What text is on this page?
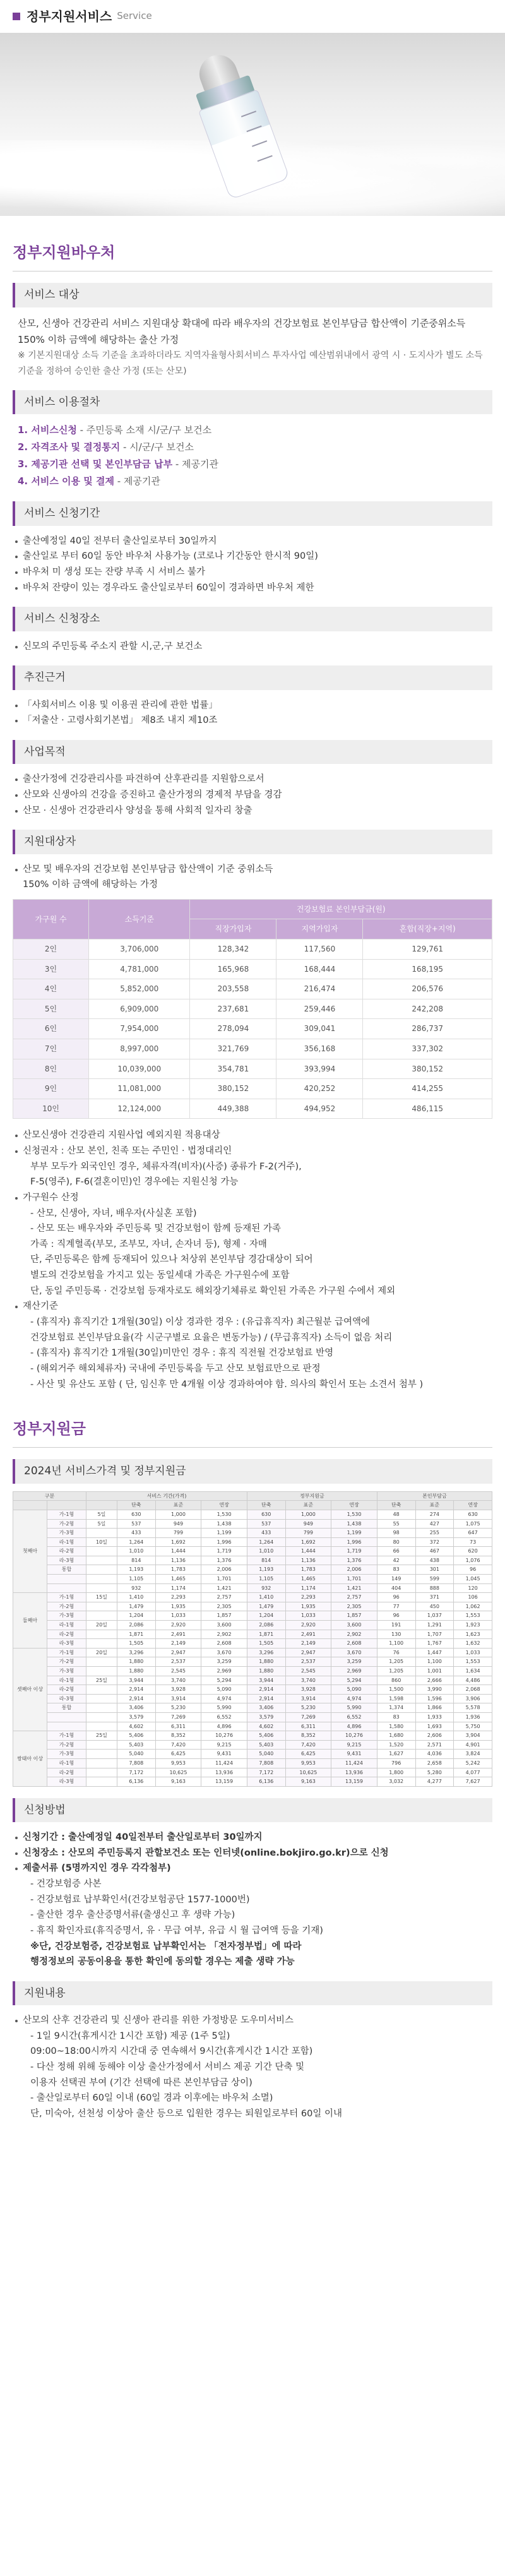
정부지원서비스 Service
정부지원바우처
서비스 대상
산모, 신생아 건강관리 서비스 지원대상 확대에 따라 배우자의 건강보험료 본인부담금 합산액이 기준중위소득 150% 이하 금액에 해당하는 출산 가정
※ 기본지원대상 소득 기준을 초과하더라도 지역자율형사회서비스 투자사업 예산범위내에서 광역 시 · 도지사가 별도 소득기준을 정하여 승인한 출산 가정 (또는 산모)
서비스 이용절차
1. 서비스신청 - 주민등록 소재 시/군/구 보건소
2. 자격조사 및 결정통지 - 시/군/구 보건소
3. 제공기관 선택 및 본인부담금 납부 - 제공기관
4. 서비스 이용 및 결제 - 제공기관
서비스 신청기간
출산예정일 40일 전부터 출산일로부터 30일까지
출산일로 부터 60일 동안 바우처 사용가능 (코로나 기간동안 한시적 90일)
바우처 미 생성 또는 잔량 부족 시 서비스 불가
바우처 잔량이 있는 경우라도 출산일로부터 60일이 경과하면 바우처 제한
서비스 신청장소
신모의 주민등록 주소지 관할 시,군,구 보건소
추진근거
「사회서비스 이용 및 이용권 관리에 관한 법률」
「저출산 · 고령사회기본법」 제8조 내지 제10조
사업목적
출산가정에 건강관리사를 파견하여 산후관리를 지원함으로서
산모와 신생아의 건강을 증진하고 출산가정의 경제적 부담을 경감
산모 · 신생아 건강관리사 양성을 통해 사회적 일자리 창출
지원대상자
산모 및 배우자의 건강보험 본인부담금 합산액이 기준 중위소득
150% 이하 금액에 해당하는 가정
가구원 수	소득기준	건강보험료 본인부담금(원)		
		직장가입자	지역가입자	혼합(직장+지역)
2인	3,706,000	128,342	117,560	129,761
3인	4,781,000	165,968	168,444	168,195
4인	5,852,000	203,558	216,474	206,576
5인	6,909,000	237,681	259,446	242,208
6인	7,954,000	278,094	309,041	286,737
7인	8,997,000	321,769	356,168	337,302
8인	10,039,000	354,781	393,994	380,152
9인	11,081,000	380,152	420,252	414,255
10인	12,124,000	449,388	494,952	486,115
산모신생아 건강관리 지원사업 예외지원 적용대상
신청권자 : 산모 본인, 친족 또는 주민인 · 법정대리인
부부 모두가 외국인인 경우, 체류자격(비자)(사증) 종류가 F-2(거주),
F-5(영주), F-6(결혼이민)인 경우에는 지원신청 가능
가구원수 산정
- 산모, 신생아, 자녀, 배우자(사실혼 포함)
- 산모 또는 배우자와 주민등록 및 건강보험이 함께 등재된 가족
가족 : 직계혈족(부모, 조부모, 자녀, 손자녀 등), 형제 · 자매
단, 주민등록은 함께 등재되어 있으나 처상위 본인부담 경감대상이 되어
별도의 건강보험을 가지고 있는 동일세대 가족은 가구원수에 포함
단, 동일 주민등록 · 건강보험 등재자로도 해외장기체류로 확인된 가족은 가구원 수에서 제외
재산기준
- (휴직자) 휴직기간 1개월(30일) 이상 경과한 경우 : (유급휴직자) 최근월분 급여액에
건강보험료 본인부담요율(각 시군구별로 요율은 변동가능) / (무급휴직자) 소득이 없음 처리
- (휴직자) 휴직기간 1개월(30일)미만인 경우 : 휴직 직전월 건강보험료 반영
- (해외거주 해외체류자) 국내에 주민등록을 두고 산모 보험료만으로 판정
- 사산 및 유산도 포함 ( 단, 임신후 만 4개월 이상 경과하여야 함. 의사의 확인서 또는 소견서 첨부 )
정부지원금
2024년 서비스가격 및 정부지원금
구분		서비스 기간(가격)				정부지원금			본인부담금		
			단축	표준	연장	단축	표준	연장	단축	표준	연장
첫째아	가-1형	5일	630	1,000	1,530	630	1,000	1,530	48	274	630
	가-2형	5일	537	949	1,438	537	949	1,438	55	427	1,075
	가-3형		433	799	1,199	433	799	1,199	98	255	647
	라-1형	10일	1,264	1,692	1,996	1,264	1,692	1,996	80	372	73
	라-2형		1,010	1,444	1,719	1,010	1,444	1,719	66	467	620
	라-3형		814	1,136	1,376	814	1,136	1,376	42	438	1,076
	통합		1,193	1,783	2,006	1,193	1,783	2,006	83	301	96
			1,105	1,465	1,701	1,105	1,465	1,701	149	599	1,045
			932	1,174	1,421	932	1,174	1,421	404	888	120
둘째아	가-1형	15일	1,410	2,293	2,757	1,410	2,293	2,757	96	371	106
	가-2형		1,479	1,935	2,305	1,479	1,935	2,305	77	450	1,062
	가-3형		1,204	1,033	1,857	1,204	1,033	1,857	96	1,037	1,553
	라-1형	20일	2,086	2,920	3,600	2,086	2,920	3,600	191	1,291	1,923
	라-2형		1,871	2,491	2,902	1,871	2,491	2,902	130	1,707	1,623
	라-3형		1,505	2,149	2,608	1,505	2,149	2,608	1,100	1,767	1,632
셋째아 이상	가-1형	20일	3,296	2,947	3,670	3,296	2,947	3,670	76	1,447	1,033
	가-2형		1,880	2,537	3,259	1,880	2,537	3,259	1,205	1,100	1,553
	가-3형		1,880	2,545	2,969	1,880	2,545	2,969	1,205	1,001	1,634
	라-1형	25일	3,944	3,740	5,294	3,944	3,740	5,294	860	2,666	4,486
	라-2형		2,914	3,928	5,090	2,914	3,928	5,090	1,500	3,990	2,068
	라-3형		2,914	3,914	4,974	2,914	3,914	4,974	1,598	1,596	3,906
	통합		3,406	5,230	5,990	3,406	5,230	5,990	1,374	1,866	5,578
			3,579	7,269	6,552	3,579	7,269	6,552	83	1,933	1,936
			4,602	6,311	4,896	4,602	6,311	4,896	1,580	1,693	5,750
쌍태아 이상	가-1형	25일	5,406	8,352	10,276	5,406	8,352	10,276	1,680	2,606	3,904
	가-2형		5,403	7,420	9,215	5,403	7,420	9,215	1,520	2,571	4,901
	가-3형		5,040	6,425	9,431	5,040	6,425	9,431	1,627	4,036	3,824
	라-1형		7,808	9,953	11,424	7,808	9,953	11,424	796	2,658	5,242
	라-2형		7,172	10,625	13,936	7,172	10,625	13,936	1,800	5,280	4,077
	라-3형		6,136	9,163	13,159	6,136	9,163	13,159	3,032	4,277	7,627
신청방법
신청기간 : 출산예정일 40일전부터 출산일로부터 30일까지
신청장소 : 산모의 주민등록지 관할보건소 또는 인터넷(online.bokjiro.go.kr)으로 신청
제출서류 (5명까지인 경우 각각첨부)
- 건강보험증 사본
- 건강보험료 납부확인서(건강보험공단 1577-1000번)
- 출산한 경우 출산증명서류(출생신고 후 생략 가능)
- 휴직 확인자료(휴직증명서, 유 · 무급 여부, 유급 시 월 급여액 등을 기재)
※단, 건강보험증, 건강보험료 납부확인서는 「전자정부법」에 따라
행정정보의 공동이용을 통한 확인에 동의할 경우는 제출 생략 가능
지원내용
산모의 산후 건강관리 및 신생아 관리를 위한 가정방문 도우미서비스
- 1일 9시간(휴게시간 1시간 포함) 제공 (1주 5일)
09:00~18:00시까지 시간대 중 연속해서 9시간(휴게시간 1시간 포함)
- 다산 정해 위해 동해야 이상 출산가정에서 서비스 제공 기간 단축 및
이용자 선택권 부여 (기간 선택에 따른 본인부담금 상이)
- 출산일로부터 60일 이내 (60일 경과 이후에는 바우처 소멸)
단, 미숙아, 선천성 이상아 출산 등으로 입원한 경우는 퇴원일로부터 60일 이내
